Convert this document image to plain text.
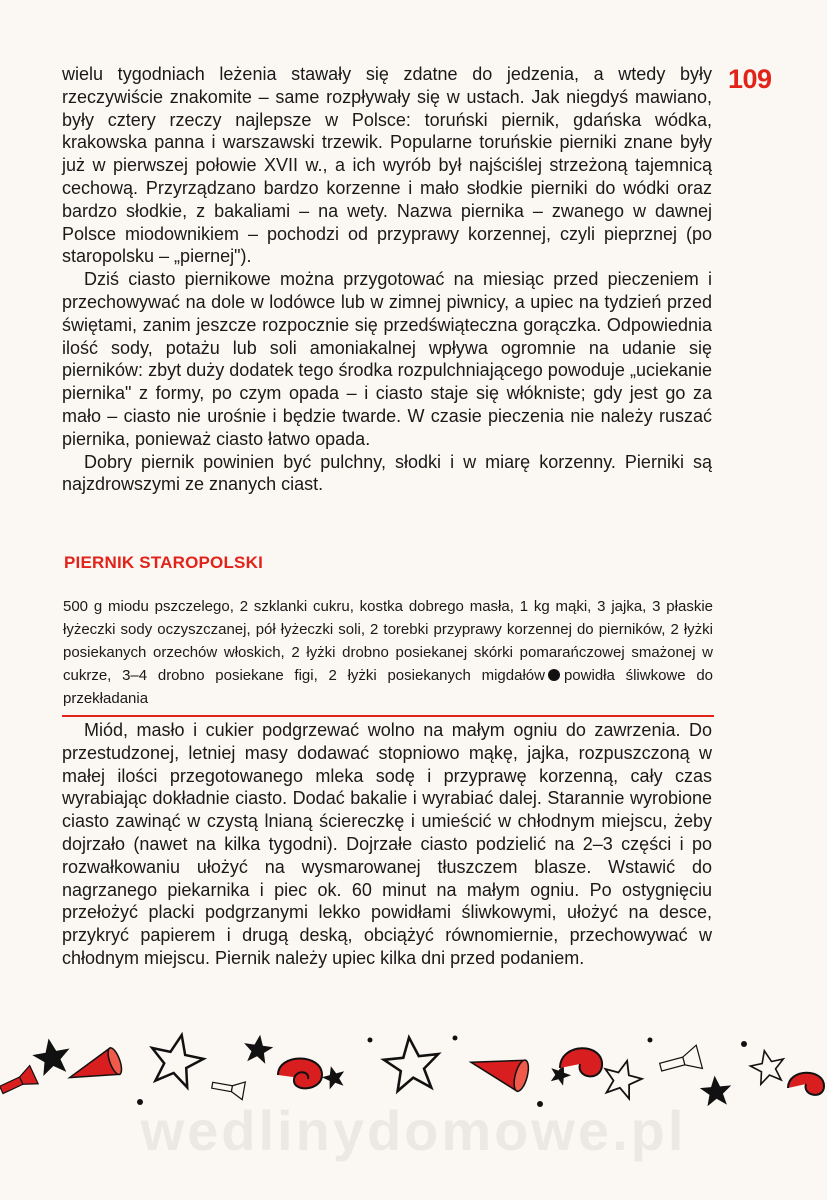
109

wielu tygodniach leżenia stawały się zdatne do jedzenia, a wtedy były rzeczywiście znakomite – same rozpływały się w ustach. Jak niegdyś mawiano, były cztery rzeczy najlepsze w Polsce: toruński piernik, gdańska wódka, krakowska panna i warszawski trzewik. Popularne toruńskie pierniki znane były już w pierwszej połowie XVII w., a ich wyrób był najściślej strzeżoną tajemnicą cechową. Przyrządzano bardzo korzenne i mało słodkie pierniki do wódki oraz bardzo słodkie, z bakaliami – na wety. Nazwa piernika – zwanego w dawnej Polsce miodownikiem – pochodzi od przyprawy korzennej, czyli pieprznej (po staropolsku – „piernej").

Dziś ciasto piernikowe można przygotować na miesiąc przed pieczeniem i przechowywać na dole w lodówce lub w zimnej piwnicy, a upiec na tydzień przed świętami, zanim jeszcze rozpocznie się przedświąteczna gorączka. Odpowiednia ilość sody, potażu lub soli amoniakalnej wpływa ogromnie na udanie się pierników: zbyt duży dodatek tego środka rozpulchniającego powoduje „uciekanie piernika" z formy, po czym opada – i ciasto staje się włókniste; gdy jest go za mało – ciasto nie urośnie i będzie twarde. W czasie pieczenia nie należy ruszać piernika, ponieważ ciasto łatwo opada.

Dobry piernik powinien być pulchny, słodki i w miarę korzenny. Pierniki są najzdrowszymi ze znanych ciast.

PIERNIK STAROPOLSKI
500 g miodu pszczelego, 2 szklanki cukru, kostka dobrego masła, 1 kg mąki, 3 jajka, 3 płaskie łyżeczki sody oczyszczanej, pół łyżeczki soli, 2 torebki przyprawy korzennej do pierników, 2 łyżki posiekanych orzechów włoskich, 2 łyżki drobno posiekanej skórki pomarańczowej smażonej w cukrze, 3–4 drobno posiekane figi, 2 łyżki posiekanych migdałów powidła śliwkowe do przekładania

Miód, masło i cukier podgrzewać wolno na małym ogniu do zawrzenia. Do przestudzonej, letniej masy dodawać stopniowo mąkę, jajka, rozpuszczoną w małej ilości przegotowanego mleka sodę i przyprawę korzenną, cały czas wyrabiając dokładnie ciasto. Dodać bakalie i wyrabiać dalej. Starannie wyrobione ciasto zawinąć w czystą lnianą ściereczkę i umieścić w chłodnym miejscu, żeby dojrzało (nawet na kilka tygodni). Dojrzałe ciasto podzielić na 2–3 części i po rozwałkowaniu ułożyć na wysmarowanej tłuszczem blasze. Wstawić do nagrzanego piekarnika i piec ok. 60 minut na małym ogniu. Po ostygnięciu przełożyć placki podgrzanymi lekko powidłami śliwkowymi, ułożyć na desce, przykryć papierem i drugą deską, obciążyć równomiernie, przechowywać w chłodnym miejscu. Piernik należy upiec kilka dni przed podaniem.

wedlinydomowe.pl
